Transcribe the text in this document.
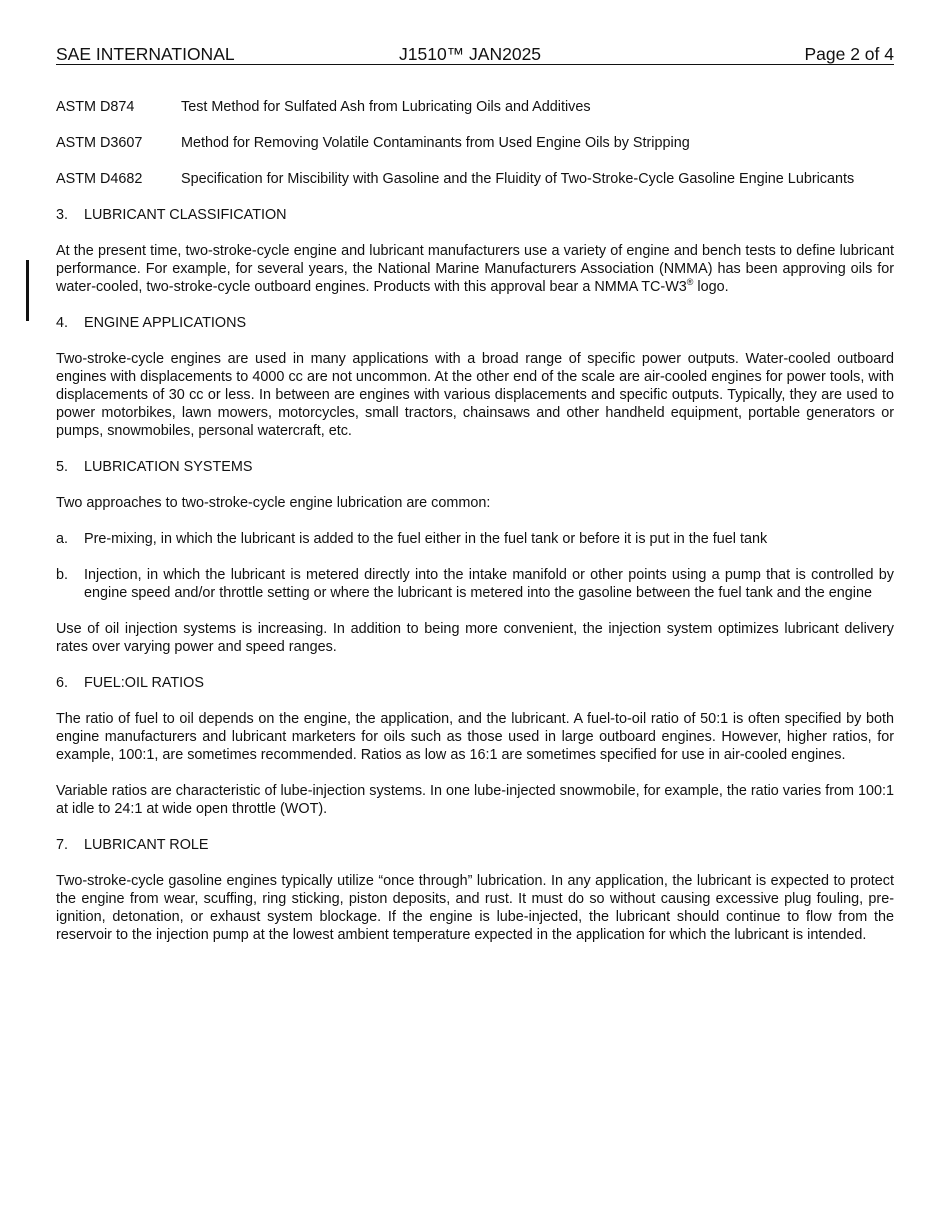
SAE INTERNATIONAL	J1510™ JAN2025	Page 2 of 4
ASTM D874	Test Method for Sulfated Ash from Lubricating Oils and Additives
ASTM D3607	Method for Removing Volatile Contaminants from Used Engine Oils by Stripping
ASTM D4682	Specification for Miscibility with Gasoline and the Fluidity of Two-Stroke-Cycle Gasoline Engine Lubricants
3. LUBRICANT CLASSIFICATION

At the present time, two-stroke-cycle engine and lubricant manufacturers use a variety of engine and bench tests to define lubricant performance. For example, for several years, the National Marine Manufacturers Association (NMMA) has been approving oils for water-cooled, two-stroke-cycle outboard engines. Products with this approval bear a NMMA TC-W3® logo.

4. ENGINE APPLICATIONS

Two-stroke-cycle engines are used in many applications with a broad range of specific power outputs. Water-cooled outboard engines with displacements to 4000 cc are not uncommon. At the other end of the scale are air-cooled engines for power tools, with displacements of 30 cc or less. In between are engines with various displacements and specific outputs. Typically, they are used to power motorbikes, lawn mowers, motorcycles, small tractors, chainsaws and other handheld equipment, portable generators or pumps, snowmobiles, personal watercraft, etc.

5. LUBRICATION SYSTEMS

Two approaches to two-stroke-cycle engine lubrication are common:

a.	Pre-mixing, in which the lubricant is added to the fuel either in the fuel tank or before it is put in the fuel tank
b.	Injection, in which the lubricant is metered directly into the intake manifold or other points using a pump that is controlled by engine speed and/or throttle setting or where the lubricant is metered into the gasoline between the fuel tank and the engine

Use of oil injection systems is increasing. In addition to being more convenient, the injection system optimizes lubricant delivery rates over varying power and speed ranges.

6. FUEL:OIL RATIOS

The ratio of fuel to oil depends on the engine, the application, and the lubricant. A fuel-to-oil ratio of 50:1 is often specified by both engine manufacturers and lubricant marketers for oils such as those used in large outboard engines. However, higher ratios, for example, 100:1, are sometimes recommended. Ratios as low as 16:1 are sometimes specified for use in air-cooled engines.

Variable ratios are characteristic of lube-injection systems. In one lube-injected snowmobile, for example, the ratio varies from 100:1 at idle to 24:1 at wide open throttle (WOT).

7. LUBRICANT ROLE

Two-stroke-cycle gasoline engines typically utilize “once through” lubrication. In any application, the lubricant is expected to protect the engine from wear, scuffing, ring sticking, piston deposits, and rust. It must do so without causing excessive plug fouling, pre-ignition, detonation, or exhaust system blockage. If the engine is lube-injected, the lubricant should continue to flow from the reservoir to the injection pump at the lowest ambient temperature expected in the application for which the lubricant is intended.
